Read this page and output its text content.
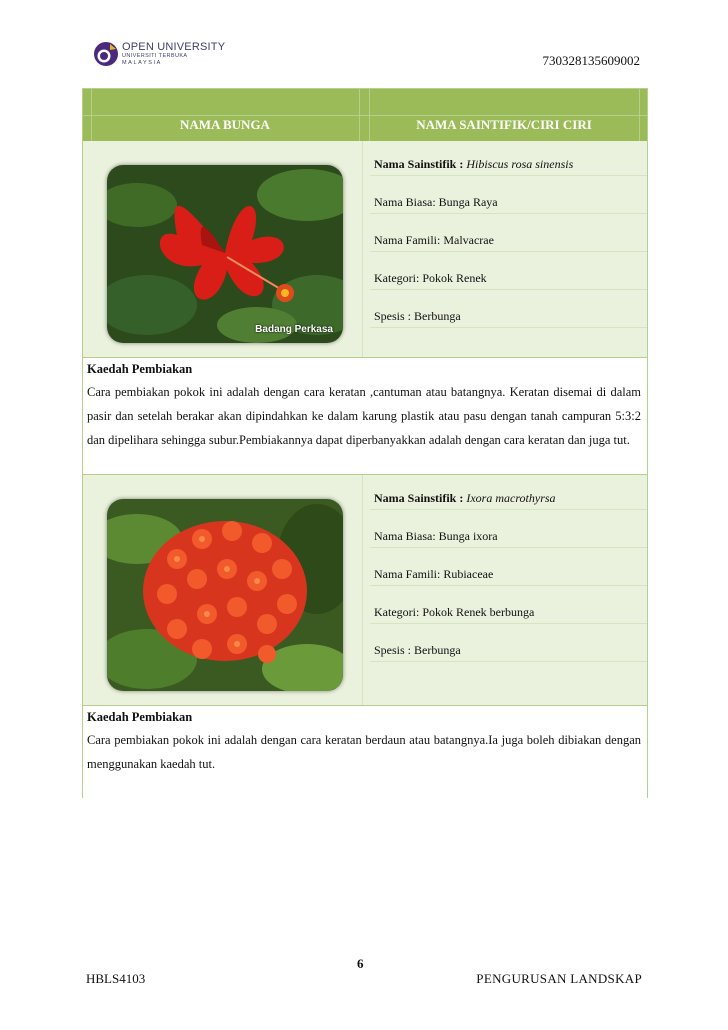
OPEN UNIVERSITY
UNIVERSITI TERBUKA
MALAYSIA	730328135609002
NAMA BUNGA	NAMA SAINTIFIK/CIRI CIRI
Badang Perkasa
Nama Sainstifik : Hibiscus rosa sinensis
Nama Biasa: Bunga Raya
Nama Famili: Malvacrae
Kategori: Pokok Renek
Spesis : Berbunga
Kaedah Pembiakan
Cara pembiakan pokok ini adalah dengan cara keratan ,cantuman atau batangnya. Keratan disemai di dalam pasir dan setelah berakar akan dipindahkan ke dalam karung plastik atau pasu dengan tanah campuran 5:3:2 dan dipelihara sehingga subur.Pembiakannya dapat diperbanyakkan adalah dengan cara keratan dan juga tut.
Nama Sainstifik : Ixora macrothyrsa
Nama Biasa: Bunga ixora
Nama Famili: Rubiaceae
Kategori: Pokok Renek berbunga
Spesis : Berbunga
Kaedah Pembiakan
Cara pembiakan pokok ini adalah dengan cara keratan berdaun atau batangnya.Ia juga boleh dibiakan dengan menggunakan kaedah tut.
6
HBLS4103	PENGURUSAN LANDSKAP
